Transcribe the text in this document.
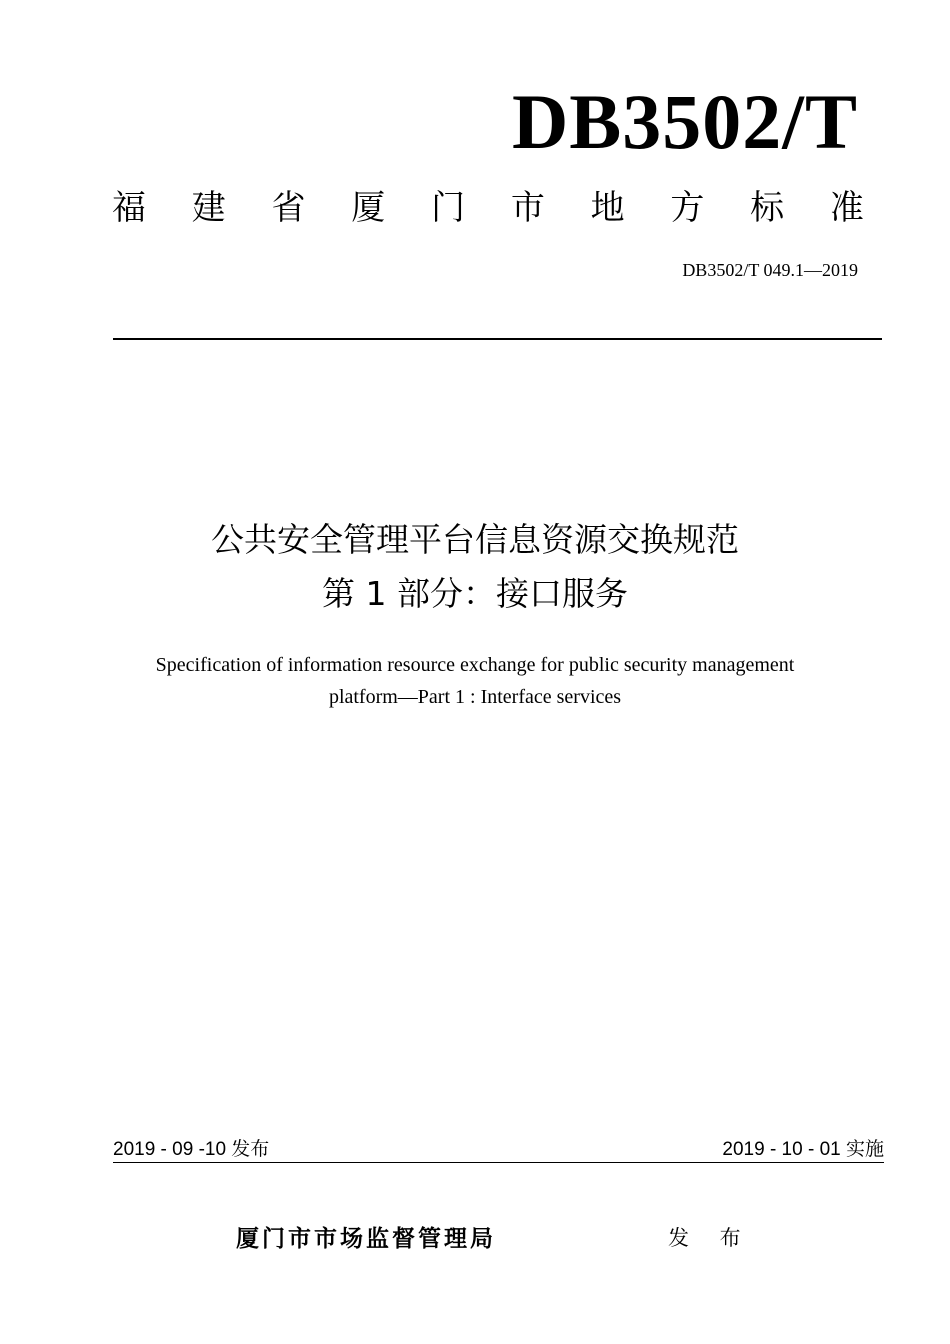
DB3502/T
福 建 省 厦 门 市 地 方 标 准
DB3502/T 049.1—2019
公共安全管理平台信息资源交换规范
第 1 部分：接口服务
Specification of information resource exchange for public security management
platform—Part 1 : Interface services
2019 - 09 -10 发布	2019 - 10 - 01 实施
厦门市市场监督管理局	发 布
